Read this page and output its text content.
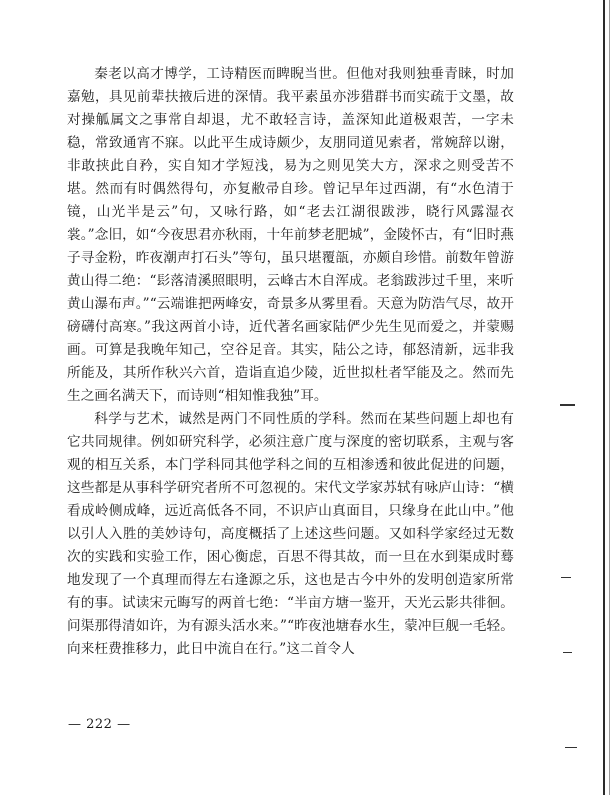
秦老以高才博学，工诗精医而睥睨当世。但他对我则独垂青睐，时加嘉勉，具见前辈扶掖后进的深情。我平素虽亦涉猎群书而实疏于文墨，故对操觚属文之事常自却退，尤不敢轻言诗，盖深知此道极艰苦，一字未稳，常致通宵不寐。以此平生成诗颇少，友朋同道见索者，常婉辞以谢，非敢挟此自矜，实自知才学短浅，易为之则见笑大方，深求之则受苦不堪。然而有时偶然得句，亦复敝帚自珍。曾记早年过西湖，有“水色清于镜，山光半是云”句，又咏行路，如“老去江湖很跋涉，晓行风露湿衣裳。”念旧，如“今夜思君亦秋雨，十年前梦老肥城”，金陵怀古，有“旧时燕子寻金粉，昨夜潮声打石头”等句，虽只堪覆瓿，亦颇自珍惜。前数年曾游黄山得二绝：“髟落清溪照眼明，云峰古木自浑成。老翁跋涉过千里，来听黄山瀑布声。”“云端谁把两峰安，奇景多从雾里看。天意为防浩气尽，故开磅礴付高寒。”我这两首小诗，近代著名画家陆俨少先生见而爱之，并蒙赐画。可算是我晚年知己，空谷足音。其实，陆公之诗，郁怒清新，远非我所能及，其所作秋兴六首，造诣直追少陵，近世拟杜者罕能及之。然而先生之画名满天下，而诗则“相知惟我独”耳。

科学与艺术，诚然是两门不同性质的学科。然而在某些问题上却也有它共同规律。例如研究科学，必须注意广度与深度的密切联系，主观与客观的相互关系，本门学科同其他学科之间的互相渗透和彼此促进的问题，这些都是从事科学研究者所不可忽视的。宋代文学家苏轼有咏庐山诗：“横看成岭侧成峰，远近高低各不同，不识庐山真面目，只缘身在此山中。”他以引人入胜的美妙诗句，高度概括了上述这些问题。又如科学家经过无数次的实践和实验工作，困心衡虑，百思不得其故，而一旦在水到渠成时蓦地发现了一个真理而得左右逢源之乐，这也是古今中外的发明创造家所常有的事。试读宋元晦写的两首七绝：“半亩方塘一鉴开，天光云影共徘徊。问渠那得清如许，为有源头活水来。”“昨夜池塘春水生，蒙冲巨舰一毛轻。向来枉费推移力，此日中流自在行。”这二首令人

— 222 —
